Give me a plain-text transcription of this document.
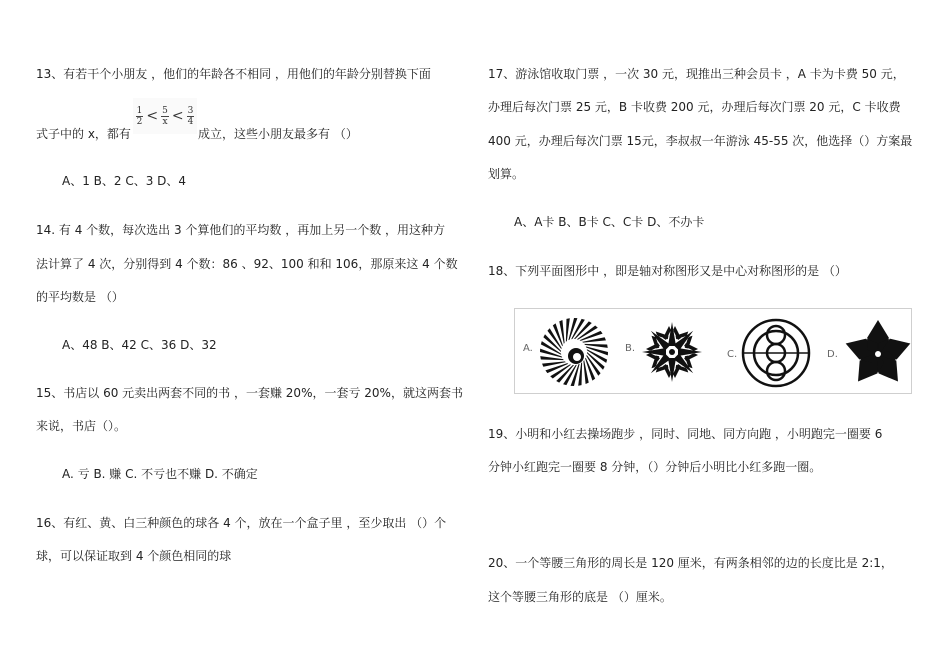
13、有若干个小朋友 ，他们的年龄各不相同 ，用他们的年龄分别替换下面
式子中的 x，都有
$\frac{1}{2} < \frac{5}{x} < \frac{3}{4}$
成立，这些小朋友最多有 （）
A、1 B、2 C、3 D、4
14. 有 4 个数，每次选出 3 个算他们的平均数 ，再加上另一个数 ，用这种方
法计算了 4 次，分别得到 4 个数：86 、92、100 和和 106，那原来这 4 个数
的平均数是 （）
A、48 B、42 C、36 D、32
15、书店以 60 元卖出两套不同的书 ，一套赚 20%，一套亏 20%，就这两套书
来说，书店（）。
A. 亏 B. 赚 C. 不亏也不赚 D. 不确定
16、有红、黄、白三种颜色的球各 4 个，放在一个盒子里 ，至少取出 （）个
球，可以保证取到 4 个颜色相同的球
17、游泳馆收取门票 ，一次 30 元，现推出三种会员卡 ，A 卡为卡费 50 元，
办理后每次门票 25 元，B 卡收费 200 元，办理后每次门票 20 元，C 卡收费
400 元，办理后每次门票 15元，李叔叔一年游泳 45-55 次，他选择（）方案最
划算。
A、A卡 B、B卡 C、C卡 D、不办卡
18、下列平面图形中 ，即是轴对称图形又是中心对称图形的是 （）
A.	B.
C.	D.
19、小明和小红去操场跑步 ，同时、同地、同方向跑 ，小明跑完一圈要 6
分钟小红跑完一圈要 8 分钟，（）分钟后小明比小红多跑一圈。
20、一个等腰三角形的周长是 120 厘米，有两条相邻的边的长度比是 2:1，
这个等腰三角形的底是 （）厘米。
